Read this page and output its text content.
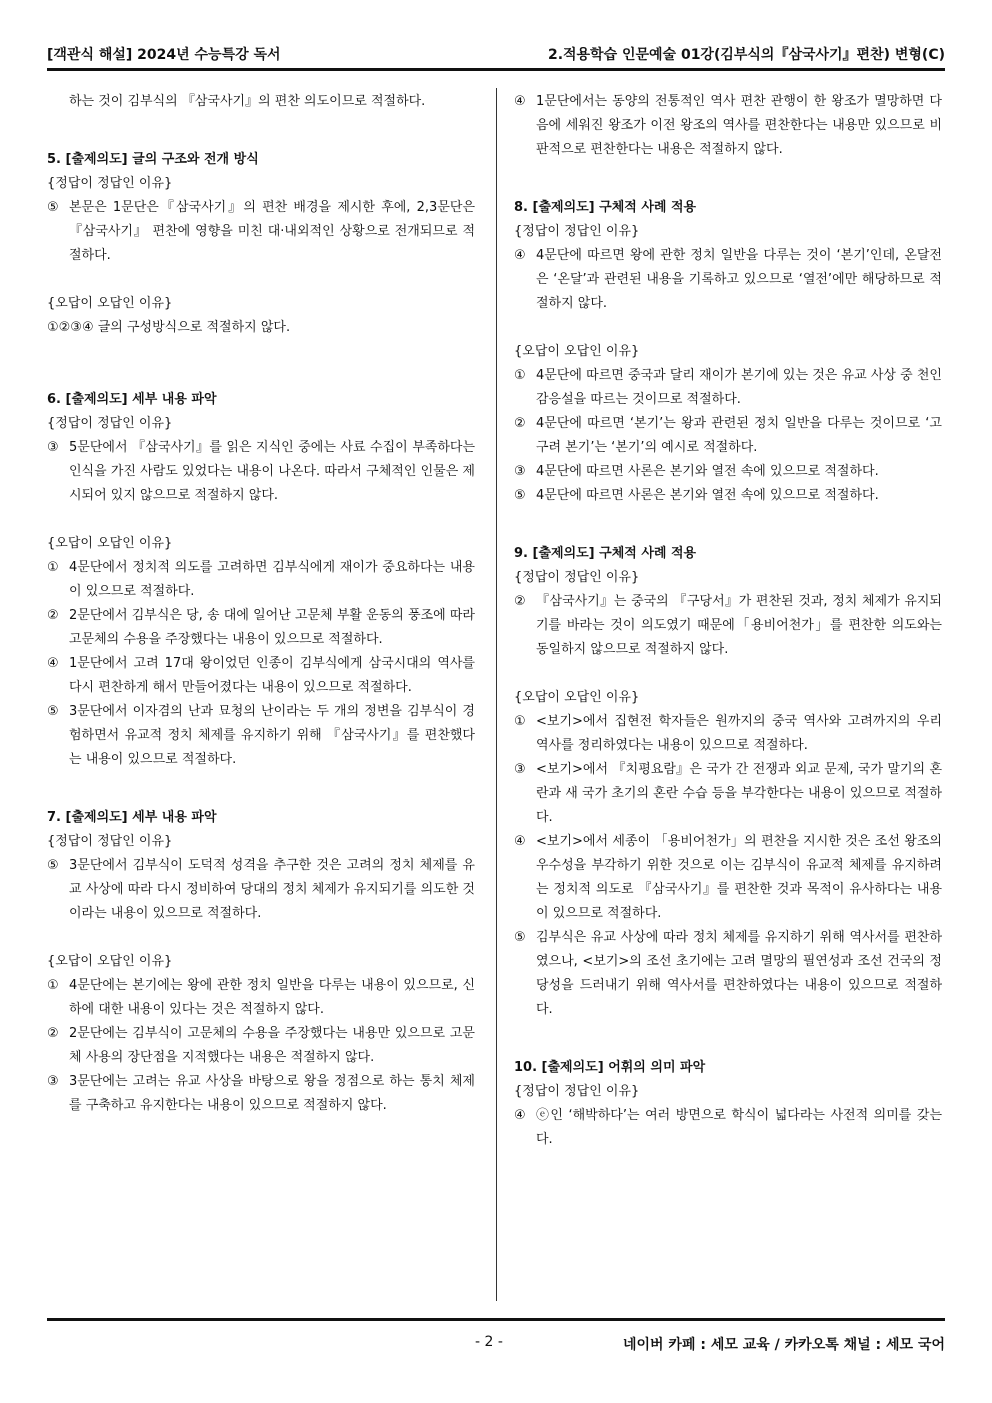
[객관식 해설] 2024년 수능특강 독서	2.적용학습 인문예술 01강(김부식의『삼국사기』편찬) 변형(C)
하는 것이 김부식의 『삼국사기』의 편찬 의도이므로 적절하다.

5. [출제의도] 글의 구조와 전개 방식

{정답이 정답인 이유}

⑤ 본문은 1문단은『삼국사기』의 편찬 배경을 제시한 후에, 2,3문단은 『삼국사기』 편찬에 영향을 미친 대·내외적인 상황으로 전개되므로 적절하다.

{오답이 오답인 이유}

①②③④ 글의 구성방식으로 적절하지 않다.

6. [출제의도] 세부 내용 파악

{정답이 정답인 이유}

③ 5문단에서 『삼국사기』를 읽은 지식인 중에는 사료 수집이 부족하다는 인식을 가진 사람도 있었다는 내용이 나온다. 따라서 구체적인 인물은 제시되어 있지 않으므로 적절하지 않다.

{오답이 오답인 이유}

① 4문단에서 정치적 의도를 고려하면 김부식에게 재이가 중요하다는 내용이 있으므로 적절하다.
② 2문단에서 김부식은 당, 송 대에 일어난 고문체 부활 운동의 풍조에 따라 고문체의 수용을 주장했다는 내용이 있으므로 적절하다.
④ 1문단에서 고려 17대 왕이었던 인종이 김부식에게 삼국시대의 역사를 다시 편찬하게 해서 만들어졌다는 내용이 있으므로 적절하다.
⑤ 3문단에서 이자겸의 난과 묘청의 난이라는 두 개의 정변을 김부식이 경험하면서 유교적 정치 체제를 유지하기 위해 『삼국사기』를 편찬했다는 내용이 있으므로 적절하다.

7. [출제의도] 세부 내용 파악

{정답이 정답인 이유}

⑤ 3문단에서 김부식이 도덕적 성격을 추구한 것은 고려의 정치 체제를 유교 사상에 따라 다시 정비하여 당대의 정치 체제가 유지되기를 의도한 것이라는 내용이 있으므로 적절하다.

{오답이 오답인 이유}

① 4문단에는 본기에는 왕에 관한 정치 일반을 다루는 내용이 있으므로, 신하에 대한 내용이 있다는 것은 적절하지 않다.
② 2문단에는 김부식이 고문체의 수용을 주장했다는 내용만 있으므로 고문체 사용의 장단점을 지적했다는 내용은 적절하지 않다.
③ 3문단에는 고려는 유교 사상을 바탕으로 왕을 정점으로 하는 통치 체제를 구축하고 유지한다는 내용이 있으므로 적절하지 않다.
④ 1문단에서는 동양의 전통적인 역사 편찬 관행이 한 왕조가 멸망하면 다음에 세워진 왕조가 이전 왕조의 역사를 편찬한다는 내용만 있으므로 비판적으로 편찬한다는 내용은 적절하지 않다.

8. [출제의도] 구체적 사례 적용

{정답이 정답인 이유}

④ 4문단에 따르면 왕에 관한 정치 일반을 다루는 것이 ‘본기’인데, 온달전은 ‘온달’과 관련된 내용을 기록하고 있으므로 ‘열전’에만 해당하므로 적절하지 않다.

{오답이 오답인 이유}

① 4문단에 따르면 중국과 달리 재이가 본기에 있는 것은 유교 사상 중 천인감응설을 따르는 것이므로 적절하다.
② 4문단에 따르면 ‘본기’는 왕과 관련된 정치 일반을 다루는 것이므로 ‘고구려 본기’는 ‘본기’의 예시로 적절하다.
③ 4문단에 따르면 사론은 본기와 열전 속에 있으므로 적절하다.
⑤ 4문단에 따르면 사론은 본기와 열전 속에 있으므로 적절하다.

9. [출제의도] 구체적 사례 적용

{정답이 정답인 이유}

② 『삼국사기』는 중국의 『구당서』가 편찬된 것과, 정치 체제가 유지되기를 바라는 것이 의도였기 때문에「용비어천가」를 편찬한 의도와는 동일하지 않으므로 적절하지 않다.

{오답이 오답인 이유}

① <보기>에서 집현전 학자들은 원까지의 중국 역사와 고려까지의 우리 역사를 정리하였다는 내용이 있으므로 적절하다.
③ <보기>에서 『치평요람』은 국가 간 전쟁과 외교 문제, 국가 말기의 혼란과 새 국가 초기의 혼란 수습 등을 부각한다는 내용이 있으므로 적절하다.
④ <보기>에서 세종이 「용비어천가」의 편찬을 지시한 것은 조선 왕조의 우수성을 부각하기 위한 것으로 이는 김부식이 유교적 체제를 유지하려는 정치적 의도로 『삼국사기』를 편찬한 것과 목적이 유사하다는 내용이 있으므로 적절하다.
⑤ 김부식은 유교 사상에 따라 정치 체제를 유지하기 위해 역사서를 편찬하였으나, <보기>의 조선 초기에는 고려 멸망의 필연성과 조선 건국의 정당성을 드러내기 위해 역사서를 편찬하였다는 내용이 있으므로 적절하다.

10. [출제의도] 어휘의 의미 파악

{정답이 정답인 이유}

④ ⓔ인 ‘해박하다’는 여러 방면으로 학식이 넓다라는 사전적 의미를 갖는다.
- 2 -	네이버 카페 : 세모 교육 / 카카오톡 채널 : 세모 국어
